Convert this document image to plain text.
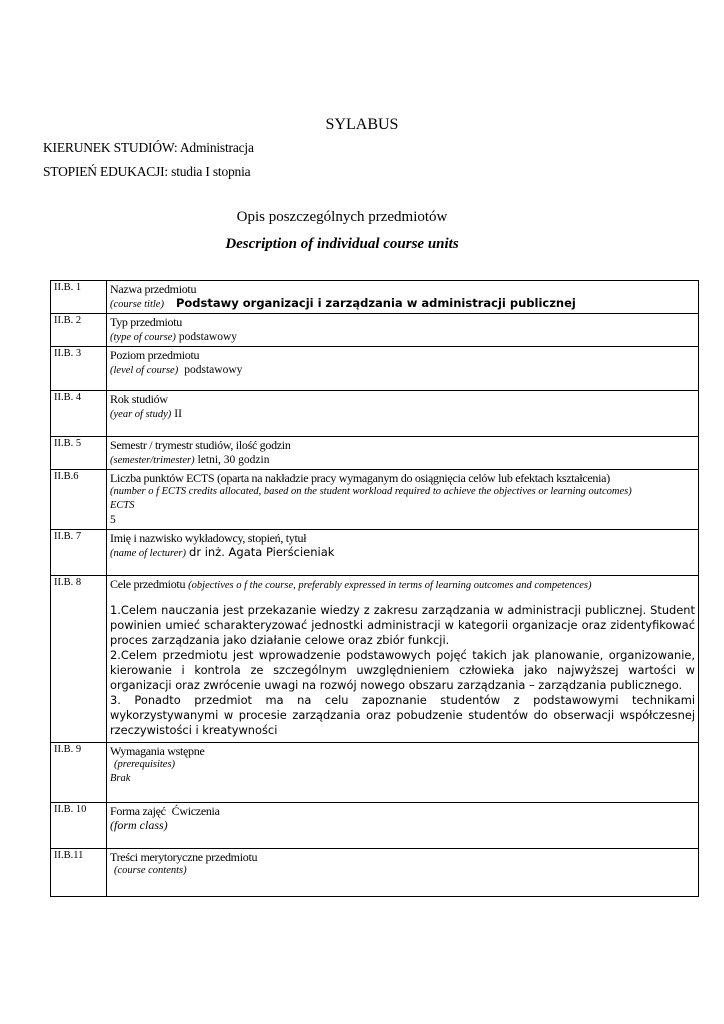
SYLABUS
KIERUNEK STUDIÓW: Administracja
STOPIEŃ EDUKACJI: studia I stopnia
Opis poszczególnych przedmiotów
Description of individual course units
II.B. 1	Nazwa przedmiotu
(course title) Podstawy organizacji i zarządzania w administracji publicznej

II.B. 2	Typ przedmiotu
(type of course) podstawowy

II.B. 3	Poziom przedmiotu
(level of course) podstawowy

II.B. 4	Rok studiów
(year of study) II

II.B. 5	Semestr / trymestr studiów, ilość godzin
(semester/trimester) letni, 30 godzin

II.B.6	Liczba punktów ECTS (oparta na nakładzie pracy wymaganym do osiągnięcia celów lub efektach kształcenia)
(number o f ECTS credits allocated, based on the student workload required to achieve the objectives or learning outcomes)
ECTS
5

II.B. 7	Imię i nazwisko wykładowcy, stopień, tytuł
(name of lecturer) dr inż. Agata Pierścieniak

II.B. 8	Cele przedmiotu (objectives o f the course, preferably expressed in terms of learning outcomes and competences)

1.Celem nauczania jest przekazanie wiedzy z zakresu zarządzania w administracji publicznej. Student powinien umieć scharakteryzować jednostki administracji w kategorii organizacje oraz zidentyfikować proces zarządzania jako działanie celowe oraz zbiór funkcji.

2.Celem przedmiotu jest wprowadzenie podstawowych pojęć takich jak planowanie, organizowanie, kierowanie i kontrola ze szczególnym uwzględnieniem człowieka jako najwyższej wartości w organizacji oraz zwrócenie uwagi na rozwój nowego obszaru zarządzania – zarządzania publicznego.

3. Ponadto przedmiot ma na celu zapoznanie studentów z podstawowymi technikami wykorzystywanymi w procesie zarządzania oraz pobudzenie studentów do obserwacji współczesnej rzeczywistości i kreatywności

II.B. 9	Wymagania wstępne
(prerequisites)
Brak

II.B. 10	Forma zajęć Ćwiczenia
(form class)

II.B.11	Treści merytoryczne przedmiotu
(course contents)
